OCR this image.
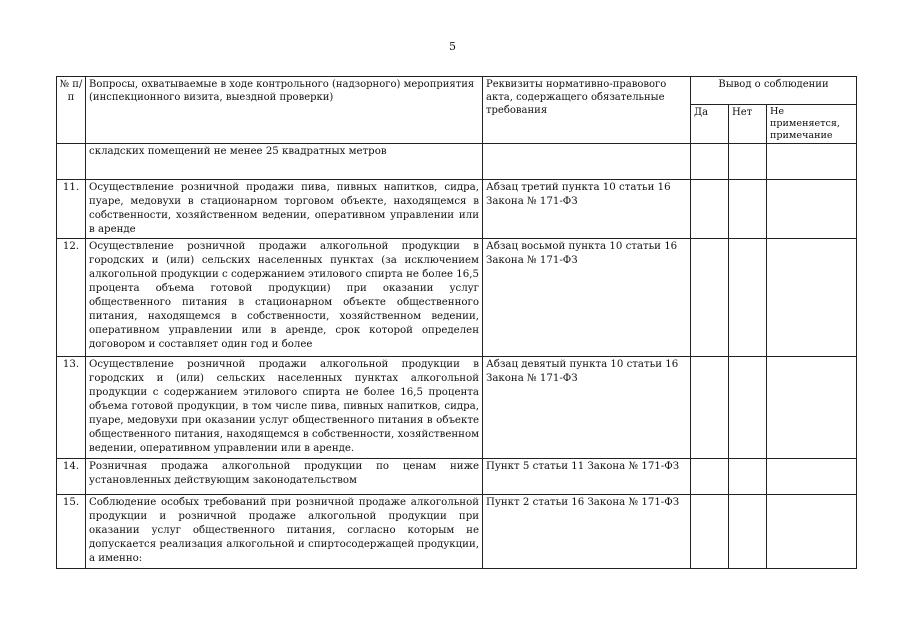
5
№ п/п	Вопросы, охватываемые в ходе контрольного (надзорного) мероприятия (инспекционного визита, выездной проверки)	Реквизиты нормативно-правового акта, содержащего обязательные требования	Вывод о соблюдении		
			Да	Нет	Не применяется, примечание
	складских помещений не менее 25 квадратных метров				
11.	Осуществление розничной продажи пива, пивных напитков, сидра, пуаре, медовухи в стационарном торговом объекте, находящемся в собственности, хозяйственном ведении, оперативном управлении или в аренде	Абзац третий пункта 10 статьи 16 Закона № 171-ФЗ			
12.	Осуществление розничной продажи алкогольной продукции в городских и (или) сельских населенных пунктах (за исключением алкогольной продукции с содержанием этилового спирта не более 16,5 процента объема готовой продукции) при оказании услуг общественного питания в стационарном объекте общественного питания, находящемся в собственности, хозяйственном ведении, оперативном управлении или в аренде, срок которой определен договором и составляет один год и более	Абзац восьмой пункта 10 статьи 16 Закона № 171-ФЗ			
13.	Осуществление розничной продажи алкогольной продукции в городских и (или) сельских населенных пунктах алкогольной продукции с содержанием этилового спирта не более 16,5 процента объема готовой продукции, в том числе пива, пивных напитков, сидра, пуаре, медовухи при оказании услуг общественного питания в объекте общественного питания, находящемся в собственности, хозяйственном ведении, оперативном управлении или в аренде.	Абзац девятый пункта 10 статьи 16 Закона № 171-ФЗ			
14.	Розничная продажа алкогольной продукции по ценам ниже установленных действующим законодательством	Пункт 5 статьи 11 Закона № 171-ФЗ			
15.	Соблюдение особых требований при розничной продаже алкогольной продукции и розничной продаже алкогольной продукции при оказании услуг общественного питания, согласно которым не допускается реализация алкогольной и спиртосодержащей продукции, а именно:	Пункт 2 статьи 16 Закона № 171-ФЗ			
